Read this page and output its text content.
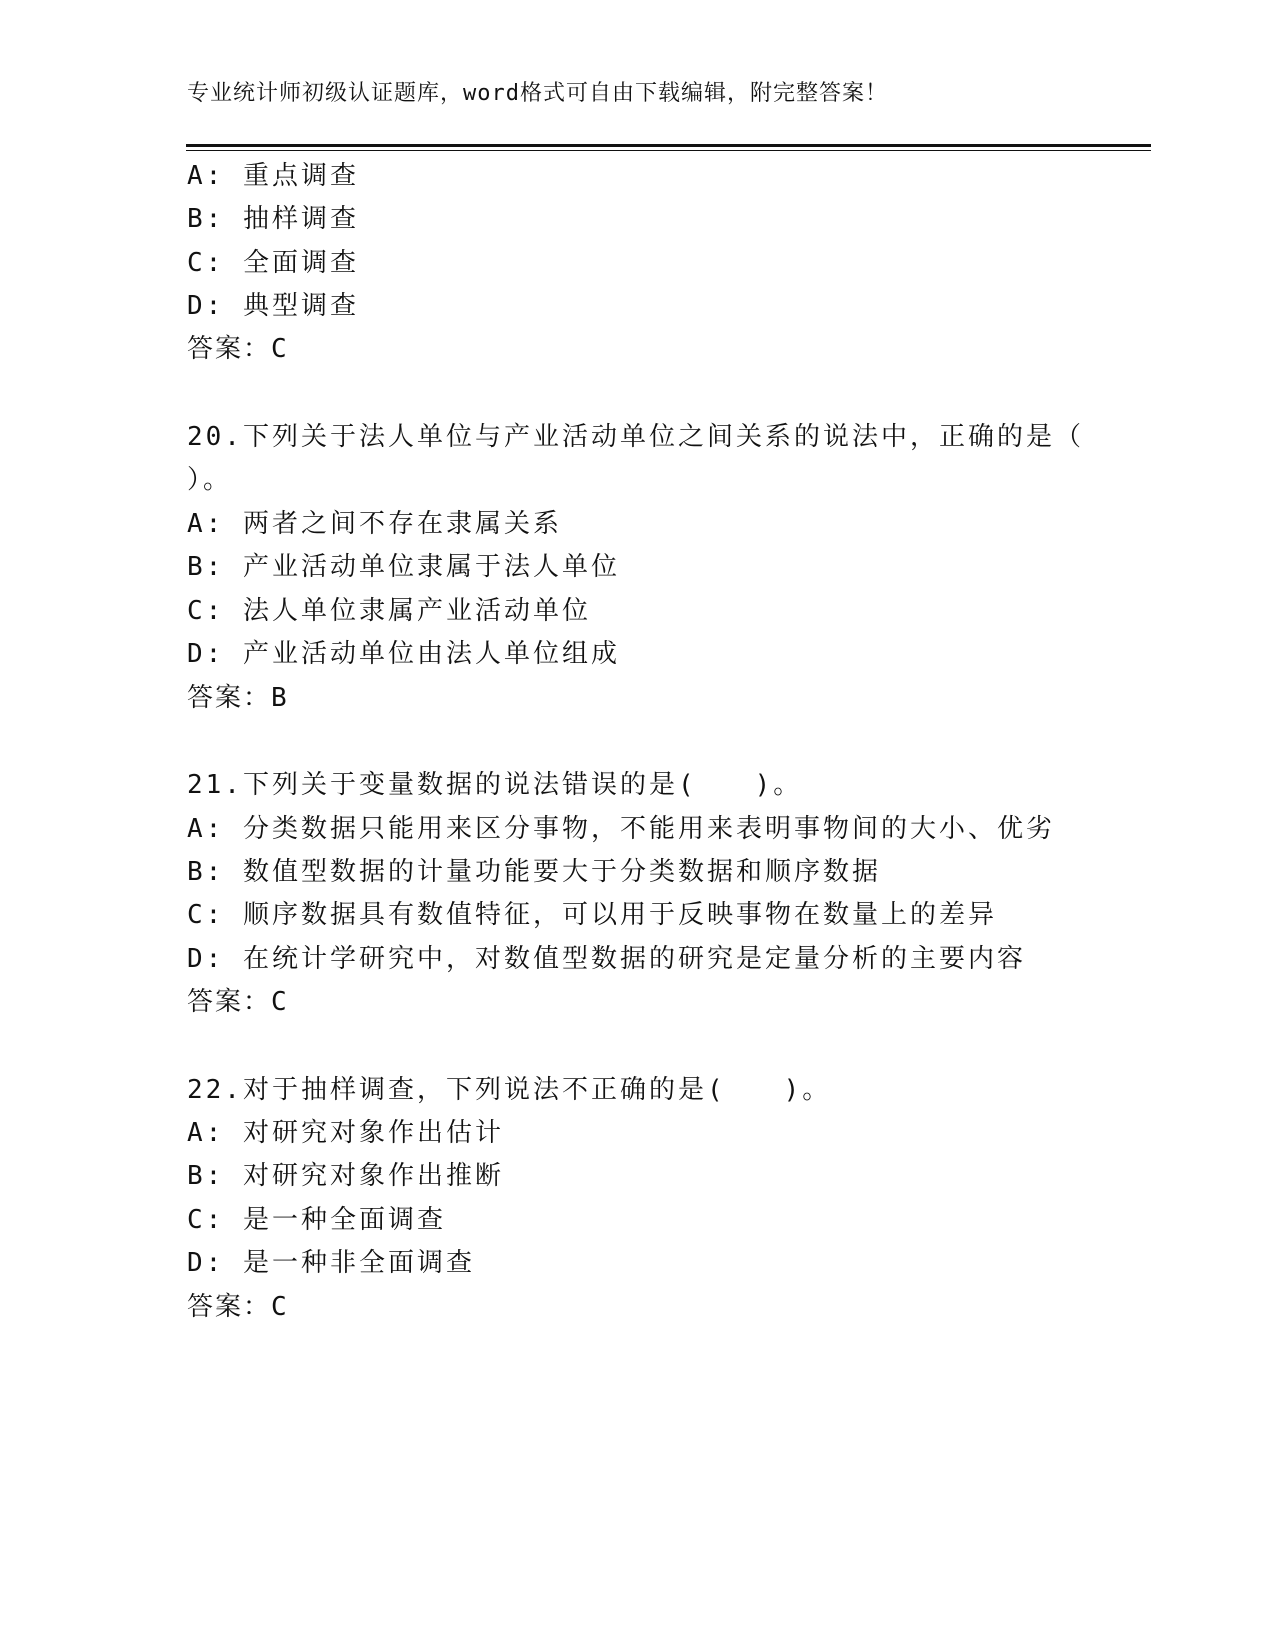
专业统计师初级认证题库，word格式可自由下载编辑，附完整答案！
A: 重点调查
B: 抽样调查
C: 全面调查
D: 典型调查
答案：C
20.下列关于法人单位与产业活动单位之间关系的说法中，正确的是（
）。
A: 两者之间不存在隶属关系
B: 产业活动单位隶属于法人单位
C: 法人单位隶属产业活动单位
D: 产业活动单位由法人单位组成
答案：B
21.下列关于变量数据的说法错误的是(　　)。
A: 分类数据只能用来区分事物，不能用来表明事物间的大小、优劣
B: 数值型数据的计量功能要大于分类数据和顺序数据
C: 顺序数据具有数值特征，可以用于反映事物在数量上的差异
D: 在统计学研究中，对数值型数据的研究是定量分析的主要内容
答案：C
22.对于抽样调查，下列说法不正确的是(　　)。
A: 对研究对象作出估计
B: 对研究对象作出推断
C: 是一种全面调查
D: 是一种非全面调查
答案：C
